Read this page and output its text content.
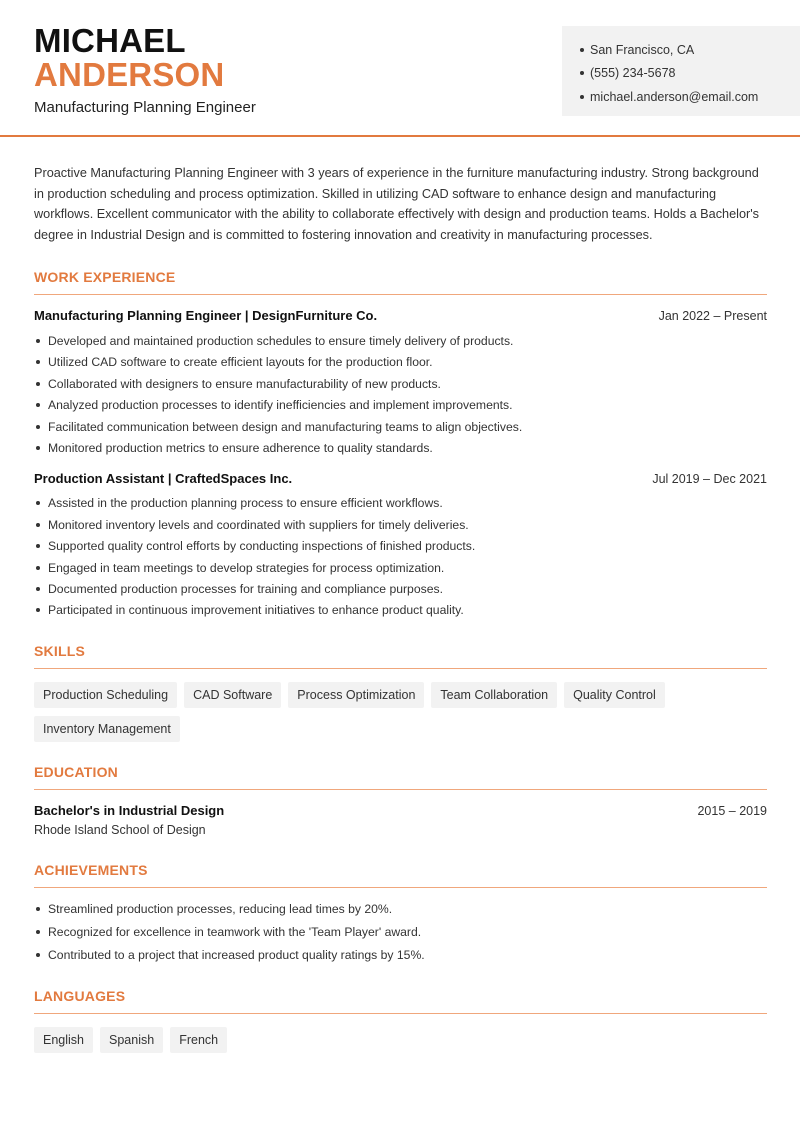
MICHAEL
ANDERSON
Manufacturing Planning Engineer
San Francisco, CA
(555) 234-5678
michael.anderson@email.com

Proactive Manufacturing Planning Engineer with 3 years of experience in the furniture manufacturing industry. Strong background in production scheduling and process optimization. Skilled in utilizing CAD software to enhance design and manufacturing workflows. Excellent communicator with the ability to collaborate effectively with design and production teams. Holds a Bachelor's degree in Industrial Design and is committed to fostering innovation and creativity in manufacturing processes.

WORK EXPERIENCE
Manufacturing Planning Engineer | DesignFurniture Co.	Jan 2022 – Present
Developed and maintained production schedules to ensure timely delivery of products.
Utilized CAD software to create efficient layouts for the production floor.
Collaborated with designers to ensure manufacturability of new products.
Analyzed production processes to identify inefficiencies and implement improvements.
Facilitated communication between design and manufacturing teams to align objectives.
Monitored production metrics to ensure adherence to quality standards.
Production Assistant | CraftedSpaces Inc.	Jul 2019 – Dec 2021
Assisted in the production planning process to ensure efficient workflows.
Monitored inventory levels and coordinated with suppliers for timely deliveries.
Supported quality control efforts by conducting inspections of finished products.
Engaged in team meetings to develop strategies for process optimization.
Documented production processes for training and compliance purposes.
Participated in continuous improvement initiatives to enhance product quality.
SKILLS
Production Scheduling	CAD Software	Process Optimization	Team Collaboration	Quality Control
Inventory Management
EDUCATION
Bachelor's in Industrial Design	2015 – 2019
Rhode Island School of Design
ACHIEVEMENTS
Streamlined production processes, reducing lead times by 20%.
Recognized for excellence in teamwork with the 'Team Player' award.
Contributed to a project that increased product quality ratings by 15%.
LANGUAGES
English	Spanish	French
